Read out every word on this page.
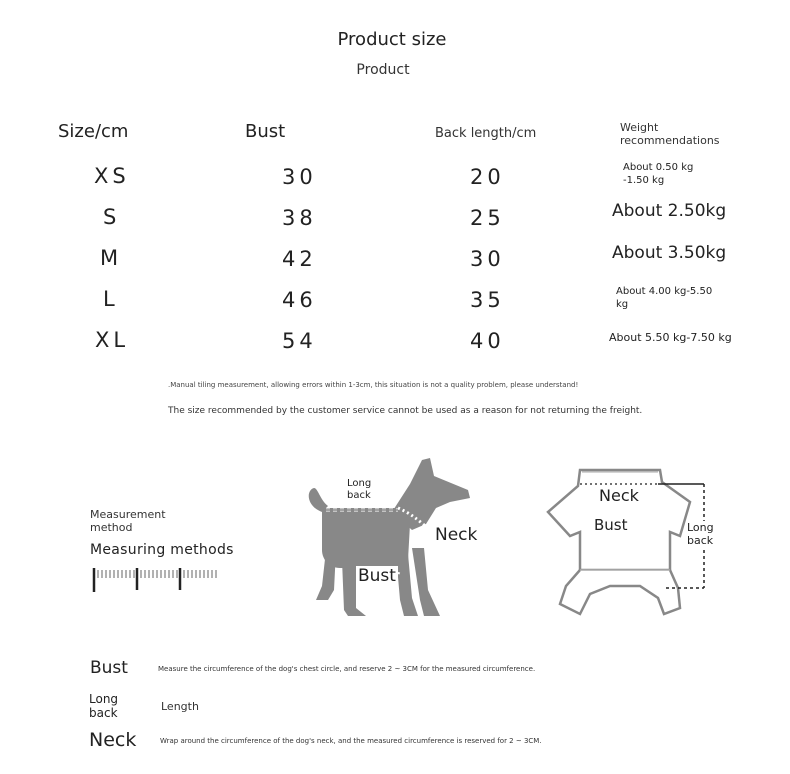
Product size
Product
Size/cm	Bust	Back length/cm	Weight recommendations
XS	30	20	About 0.50 kg -1.50 kg
S	38	25	About 2.50kg
M	42	30	About 3.50kg
L	46	35	About 4.00 kg-5.50 kg
XL	54	40	About 5.50 kg-7.50 kg
.Manual tiling measurement, allowing errors within 1-3cm, this situation is not a quality problem, please understand!
The size recommended by the customer service cannot be used as a reason for not returning the freight.
Measurement method
Measuring methods
Long back
Neck
Bust
Neck
Bust	Long back
Bust	Measure the circumference of the dog's chest circle, and reserve 2 ~ 3CM for the measured circumference.
Long back	Length
Neck	Wrap around the circumference of the dog's neck, and the measured circumference is reserved for 2 ~ 3CM.
